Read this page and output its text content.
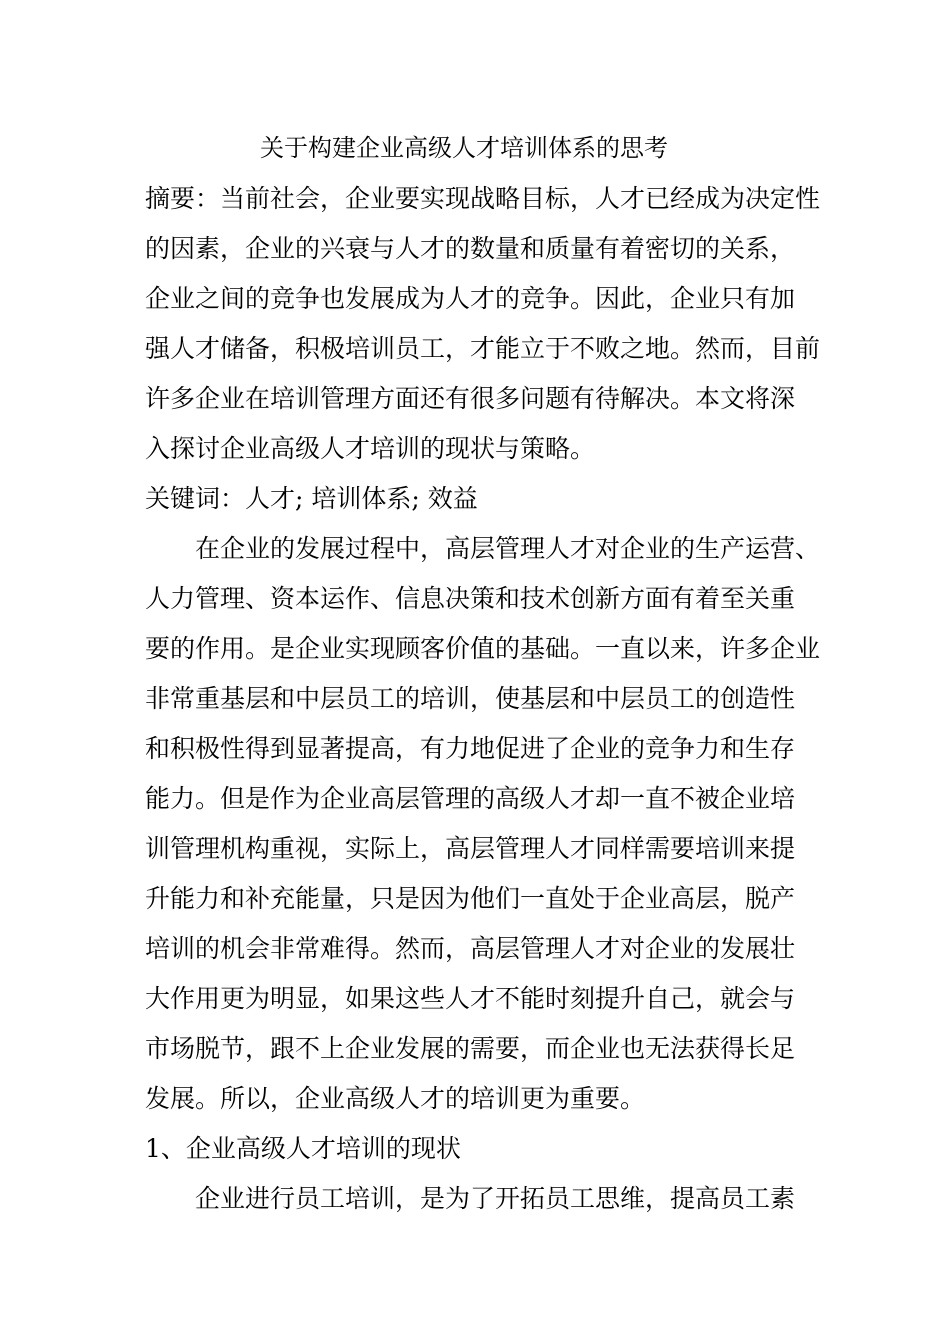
关于构建企业高级人才培训体系的思考

摘要：当前社会，企业要实现战略目标，人才已经成为决定性

的因素，企业的兴衰与人才的数量和质量有着密切的关系，

企业之间的竞争也发展成为人才的竞争。因此，企业只有加

强人才储备，积极培训员工，才能立于不败之地。然而，目前

许多企业在培训管理方面还有很多问题有待解决。本文将深

入探讨企业高级人才培训的现状与策略。

关键词：人才; 培训体系; 效益

在企业的发展过程中，高层管理人才对企业的生产运营、

人力管理、资本运作、信息决策和技术创新方面有着至关重

要的作用。是企业实现顾客价值的基础。一直以来，许多企业

非常重基层和中层员工的培训，使基层和中层员工的创造性

和积极性得到显著提高，有力地促进了企业的竞争力和生存

能力。但是作为企业高层管理的高级人才却一直不被企业培

训管理机构重视，实际上，高层管理人才同样需要培训来提

升能力和补充能量，只是因为他们一直处于企业高层，脱产

培训的机会非常难得。然而，高层管理人才对企业的发展壮

大作用更为明显，如果这些人才不能时刻提升自己，就会与

市场脱节，跟不上企业发展的需要，而企业也无法获得长足

发展。所以，企业高级人才的培训更为重要。

1、企业高级人才培训的现状

企业进行员工培训，是为了开拓员工思维，提高员工素
